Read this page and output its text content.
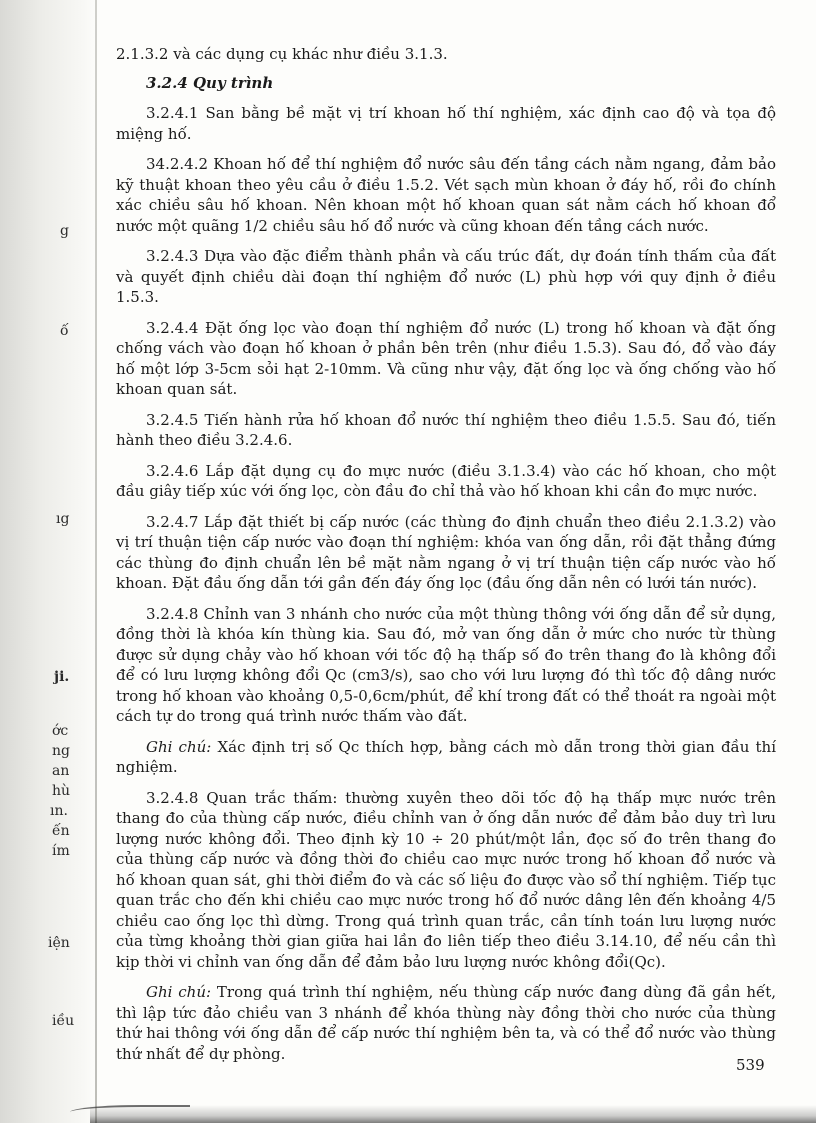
g
ố
ıg
ji.
ớc
ng
an
hù
ın.
ến
ím
iện
iều

2.1.3.2 và các dụng cụ khác như điều 3.1.3.

3.2.4 Quy trình

3.2.4.1 San bằng bề mặt vị trí khoan hố thí nghiệm, xác định cao độ và tọa độ miệng hố.

34.2.4.2 Khoan hố để thí nghiệm đổ nước sâu đến tầng cách nằm ngang, đảm bảo kỹ thuật khoan theo yêu cầu ở điều 1.5.2. Vét sạch mùn khoan ở đáy hố, rồi đo chính xác chiều sâu hố khoan. Nên khoan một hố khoan quan sát nằm cách hố khoan đổ nước một quãng 1/2 chiều sâu hố đổ nước và cũng khoan đến tầng cách nước.

3.2.4.3 Dựa vào đặc điểm thành phần và cấu trúc đất, dự đoán tính thấm của đất và quyết định chiều dài đoạn thí nghiệm đổ nước (L) phù hợp với quy định ở điều 1.5.3.

3.2.4.4 Đặt ống lọc vào đoạn thí nghiệm đổ nước (L) trong hố khoan và đặt ống chống vách vào đoạn hố khoan ở phần bên trên (như điều 1.5.3). Sau đó, đổ vào đáy hố một lớp 3-5cm sỏi hạt 2-10mm. Và cũng như vậy, đặt ống lọc và ống chống vào hố khoan quan sát.

3.2.4.5 Tiến hành rửa hố khoan đổ nước thí nghiệm theo điều 1.5.5. Sau đó, tiến hành theo điều 3.2.4.6.

3.2.4.6 Lắp đặt dụng cụ đo mực nước (điều 3.1.3.4) vào các hố khoan, cho một đầu giây tiếp xúc với ống lọc, còn đầu đo chỉ thả vào hố khoan khi cần đo mực nước.

3.2.4.7 Lắp đặt thiết bị cấp nước (các thùng đo định chuẩn theo điều 2.1.3.2) vào vị trí thuận tiện cấp nước vào đoạn thí nghiệm: khóa van ống dẫn, rồi đặt thẳng đứng các thùng đo định chuẩn lên bề mặt nằm ngang ở vị trí thuận tiện cấp nước vào hố khoan. Đặt đầu ống dẫn tới gần đến đáy ống lọc (đầu ống dẫn nên có lưới tán nước).

3.2.4.8 Chỉnh van 3 nhánh cho nước của một thùng thông với ống dẫn để sử dụng, đồng thời là khóa kín thùng kia. Sau đó, mở van ống dẫn ở mức cho nước từ thùng được sử dụng chảy vào hố khoan với tốc độ hạ thấp số đo trên thang đo là không đổi để có lưu lượng không đổi Qc (cm3/s), sao cho với lưu lượng đó thì tốc độ dâng nước trong hố khoan vào khoảng 0,5-0,6cm/phút, để khí trong đất có thể thoát ra ngoài một cách tự do trong quá trình nước thấm vào đất.

Ghi chú: Xác định trị số Qc thích hợp, bằng cách mò dẫn trong thời gian đầu thí nghiệm.

3.2.4.8 Quan trắc thấm: thường xuyên theo dõi tốc độ hạ thấp mực nước trên thang đo của thùng cấp nước, điều chỉnh van ở ống dẫn nước để đảm bảo duy trì lưu lượng nước không đổi. Theo định kỳ 10 ÷ 20 phút/một lần, đọc số đo trên thang đo của thùng cấp nước và đồng thời đo chiều cao mực nước trong hố khoan đổ nước và hố khoan quan sát, ghi thời điểm đo và các số liệu đo được vào sổ thí nghiệm. Tiếp tục quan trắc cho đến khi chiều cao mực nước trong hố đổ nước dâng lên đến khoảng 4/5 chiều cao ống lọc thì dừng. Trong quá trình quan trắc, cần tính toán lưu lượng nước của từng khoảng thời gian giữa hai lần đo liên tiếp theo điều 3.14.10, để nếu cần thì kịp thời vi chỉnh van ống dẫn để đảm bảo lưu lượng nước không đổi(Qc).

Ghi chú: Trong quá trình thí nghiệm, nếu thùng cấp nước đang dùng đã gần hết, thì lập tức đảo chiều van 3 nhánh để khóa thùng này đồng thời cho nước của thùng thứ hai thông với ống dẫn để cấp nước thí nghiệm bên ta, và có thể đổ nước vào thùng thứ nhất để dự phòng.

539
